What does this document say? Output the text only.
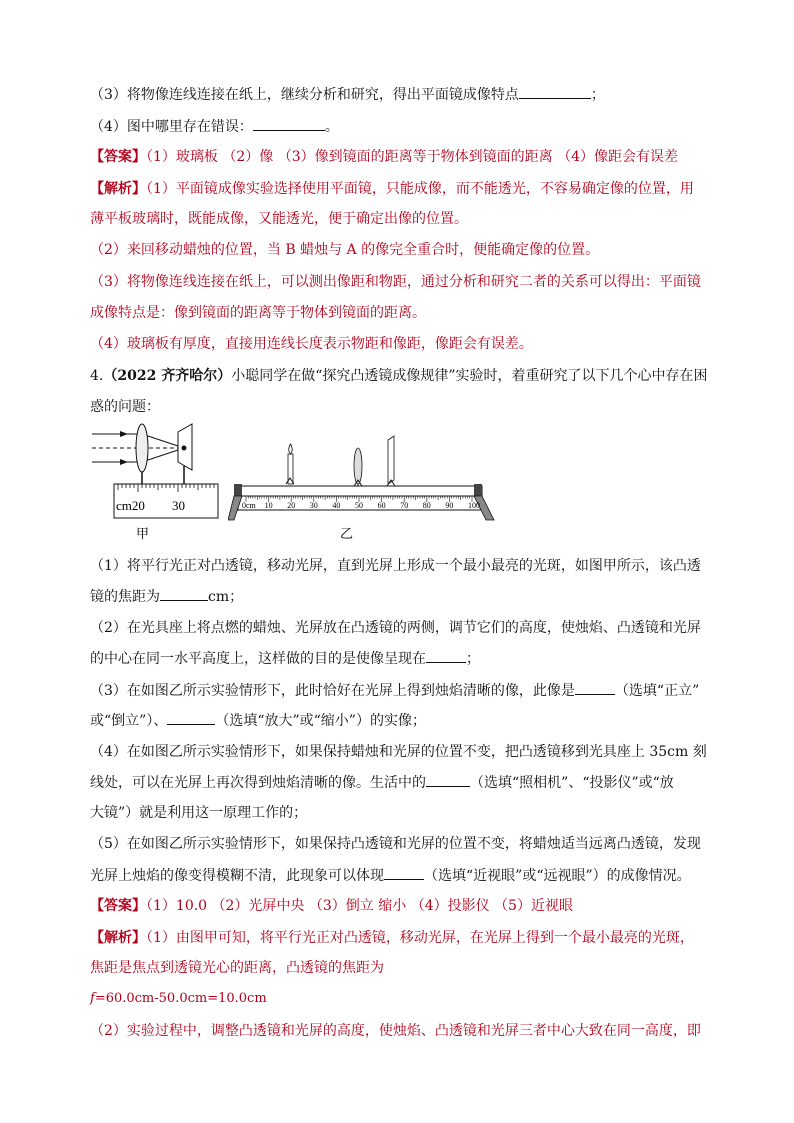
（3）将物像连线连接在纸上，继续分析和研究，得出平面镜成像特点	；
（4）图中哪里存在错误：	。
【答案】（1）玻璃板 （2）像 （3）像到镜面的距离等于物体到镜面的距离 （4）像距会有误差
【解析】（1）平面镜成像实验选择使用平面镜，只能成像，而不能透光，不容易确定像的位置，用
薄平板玻璃时，既能成像，又能透光，便于确定出像的位置。
（2）来回移动蜡烛的位置，当 B 蜡烛与 A 的像完全重合时，便能确定像的位置。
（3）将物像连线连接在纸上，可以测出像距和物距，通过分析和研究二者的关系可以得出：平面镜
成像特点是：像到镜面的距离等于物体到镜面的距离。
（4）玻璃板有厚度，直接用连线长度表示物距和像距，像距会有误差。
4.（2022 齐齐哈尔）小聪同学在做“探究凸透镜成像规律”实验时，着重研究了以下几个心中存在困
惑的问题：
cm20 30
甲
0cm 10 20 30 40 50 60 70 80 90 100
乙
（1）将平行光正对凸透镜，移动光屏，直到光屏上形成一个最小最亮的光斑，如图甲所示，该凸透
镜的焦距为	cm；
（2）在光具座上将点燃的蜡烛、光屏放在凸透镜的两侧，调节它们的高度，使烛焰、凸透镜和光屏
的中心在同一水平高度上，这样做的目的是使像呈现在	；
（3）在如图乙所示实验情形下，此时恰好在光屏上得到烛焰清晰的像，此像是	（选填“正立”
或“倒立”）、	（选填“放大”或“缩小”）的实像；
（4）在如图乙所示实验情形下，如果保持蜡烛和光屏的位置不变，把凸透镜移到光具座上 35cm 刻
线处，可以在光屏上再次得到烛焰清晰的像。生活中的	（选填“照相机”、“投影仪”或“放
大镜”）就是利用这一原理工作的；
（5）在如图乙所示实验情形下，如果保持凸透镜和光屏的位置不变，将蜡烛适当远离凸透镜，发现
光屏上烛焰的像变得模糊不清，此现象可以体现	（选填“近视眼”或“远视眼”）的成像情况。
【答案】（1）10.0 （2）光屏中央 （3）倒立 缩小 （4）投影仪 （5）近视眼
【解析】（1）由图甲可知，将平行光正对凸透镜，移动光屏，在光屏上得到一个最小最亮的光斑，
焦距是焦点到透镜光心的距离，凸透镜的焦距为
f=60.0cm-50.0cm=10.0cm
（2）实验过程中，调整凸透镜和光屏的高度，使烛焰、凸透镜和光屏三者中心大致在同一高度，即
